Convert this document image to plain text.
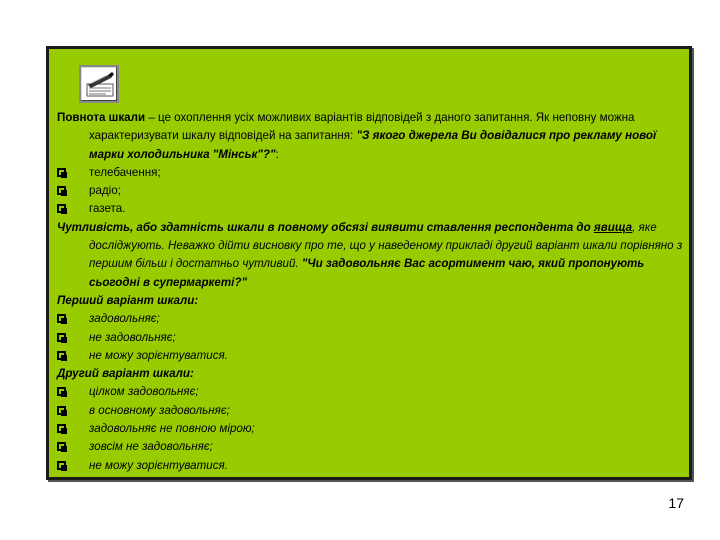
Повнота шкали – це охоплення усіх можливих варіантів відповідей з даного запитання. Як неповну можна характеризувати шкалу відповідей на запитання: "З якого джерела Ви довідалися про рекламу нової марки холодильника "Мінськ"?":

телебачення;
радіо;
газета.

Чутливість, або здатність шкали в повному обсязі виявити ставлення респондента до явища, яке досліджують. Неважко дійти висновку про те, що у наведеному прикладі другий варіант шкали порівняно з першим більш і достатньо чутливий. "Чи задовольняє Вас асортимент чаю, який пропонують сьогодні в супермаркеті?"

Перший варіант шкали:

задовольняє;
не задовольняє;
не можу зорієнтуватися.

Другий варіант шкали:

цілком задовольняє;
в основному задовольняє;
задовольняє не повною мірою;
зовсім не задовольняє;
не можу зорієнтуватися.
17
